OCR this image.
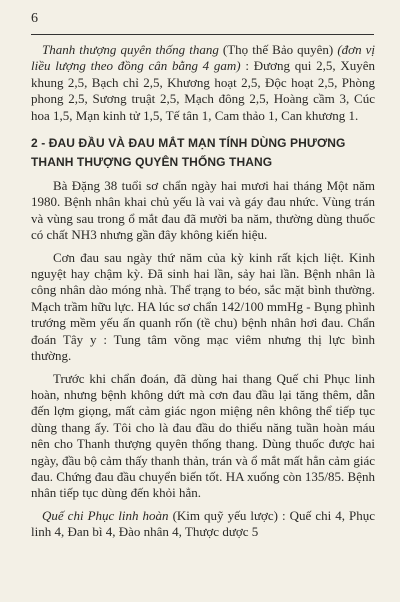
6

Thanh thượng quyên thống thang (Thọ thế Bảo quyên) (đơn vị liều lượng theo đồng cân bằng 4 gam) : Đương qui 2,5, Xuyên khung 2,5, Bạch chỉ 2,5, Khương hoạt 2,5, Độc hoạt 2,5, Phòng phong 2,5, Sương truật 2,5, Mạch đông 2,5, Hoàng cầm 3, Cúc hoa 1,5, Mạn kinh tử 1,5, Tế tân 1, Cam thảo 1, Can khương 1.

2 - ĐAU ĐẦU VÀ ĐAU MẮT MẠN TÍNH DÙNG PHƯƠNG THANH THƯỢNG QUYÊN THỐNG THANG

Bà Đặng 38 tuổi sơ chẩn ngày hai mươi hai tháng Một năm 1980. Bệnh nhân khai chủ yếu là vai và gáy đau nhức. Vùng trán và vùng sau trong ổ mắt đau đã mười ba năm, thường dùng thuốc có chất NH3 nhưng gần đây không kiến hiệu.

Cơn đau sau ngày thứ năm của kỳ kinh rất kịch liệt. Kinh nguyệt hay chậm kỳ. Đã sinh hai lần, sảy hai lần. Bệnh nhân là công nhân dào móng nhà. Thể trạng to béo, sắc mặt bình thường. Mạch trầm hữu lực. HA lúc sơ chẩn 142/100 mmHg - Bụng phình trướng mềm yếu ấn quanh rốn (tề chu) bệnh nhân hơi đau. Chẩn đoán Tây y : Tung tâm võng mạc viêm nhưng thị lực bình thường.

Trước khi chẩn đoán, đã dùng hai thang Quế chi Phục linh hoàn, nhưng bệnh không dứt mà cơn đau đầu lại tăng thêm, dẫn đến lợm giọng, mất cảm giác ngon miệng nên không thể tiếp tục dùng thang ấy. Tôi cho là đau đầu do thiểu năng tuần hoàn máu nên cho Thanh thượng quyên thống thang. Dùng thuốc được hai ngày, đầu bộ cảm thấy thanh thản, trán và ổ mắt mất hẳn cảm giác đau. Chứng đau đầu chuyển biến tốt. HA xuống còn 135/85. Bệnh nhân tiếp tục dùng đến khỏi hẳn.

Quế chi Phục linh hoàn (Kim quỹ yếu lược) : Quế chi 4, Phục linh 4, Đan bì 4, Đào nhân 4, Thược dược 5
